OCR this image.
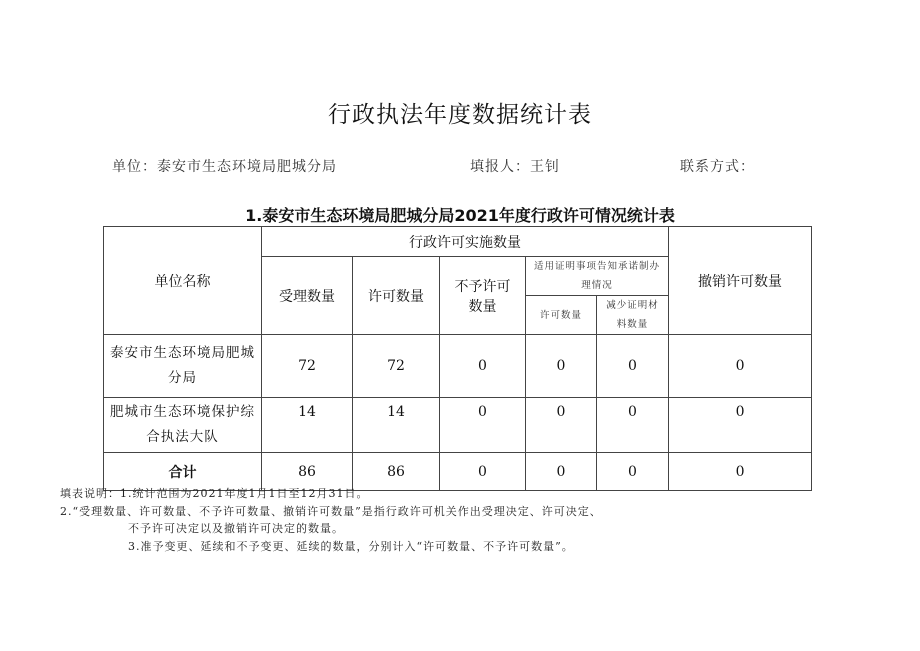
行政执法年度数据统计表
单位：泰安市生态环境局肥城分局	填报人：王钊	联系方式：
1.泰安市生态环境局肥城分局2021年度行政许可情况统计表
单位名称	行政许可实施数量					撤销许可数量
	受理数量	许可数量	不予许可数量	适用证明事项告知承诺制办理情况		
				许可数量	减少证明材料数量	
泰安市生态环境局肥城分局	72	72	0	0	0	0
肥城市生态环境保护综合执法大队	14	14	0	0	0	0
合计	86	86	0	0	0	0
填表说明：1.统计范围为2021年度1月1日至12月31日。
2.“受理数量、许可数量、不予许可数量、撤销许可数量”是指行政许可机关作出受理决定、许可决定、
不予许可决定以及撤销许可决定的数量。
3.准予变更、延续和不予变更、延续的数量，分别计入“许可数量、不予许可数量”。
